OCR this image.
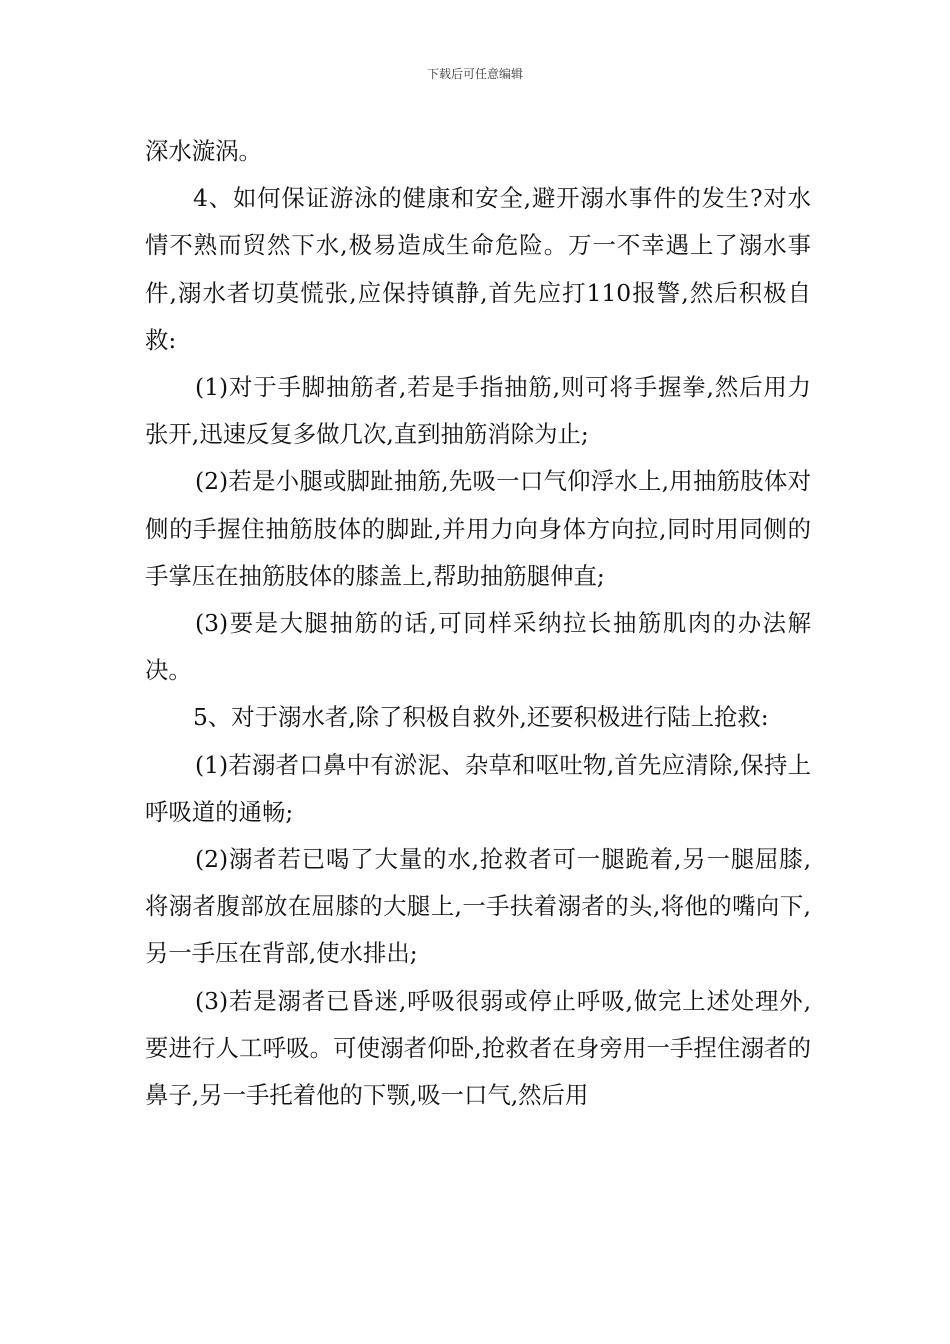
下载后可任意编辑

深水漩涡。

4、如何保证游泳的健康和安全,避开溺水事件的发生?对水情不熟而贸然下水,极易造成生命危险。万一不幸遇上了溺水事件,溺水者切莫慌张,应保持镇静,首先应打110报警,然后积极自救:

(1)对于手脚抽筋者,若是手指抽筋,则可将手握拳,然后用力张开,迅速反复多做几次,直到抽筋消除为止;

(2)若是小腿或脚趾抽筋,先吸一口气仰浮水上,用抽筋肢体对侧的手握住抽筋肢体的脚趾,并用力向身体方向拉,同时用同侧的手掌压在抽筋肢体的膝盖上,帮助抽筋腿伸直;

(3)要是大腿抽筋的话,可同样采纳拉长抽筋肌肉的办法解决。

5、对于溺水者,除了积极自救外,还要积极进行陆上抢救:

(1)若溺者口鼻中有淤泥、杂草和呕吐物,首先应清除,保持上呼吸道的通畅;

(2)溺者若已喝了大量的水,抢救者可一腿跪着,另一腿屈膝,将溺者腹部放在屈膝的大腿上,一手扶着溺者的头,将他的嘴向下,另一手压在背部,使水排出;

(3)若是溺者已昏迷,呼吸很弱或停止呼吸,做完上述处理外,要进行人工呼吸。可使溺者仰卧,抢救者在身旁用一手捏住溺者的鼻子,另一手托着他的下颚,吸一口气,然后用
